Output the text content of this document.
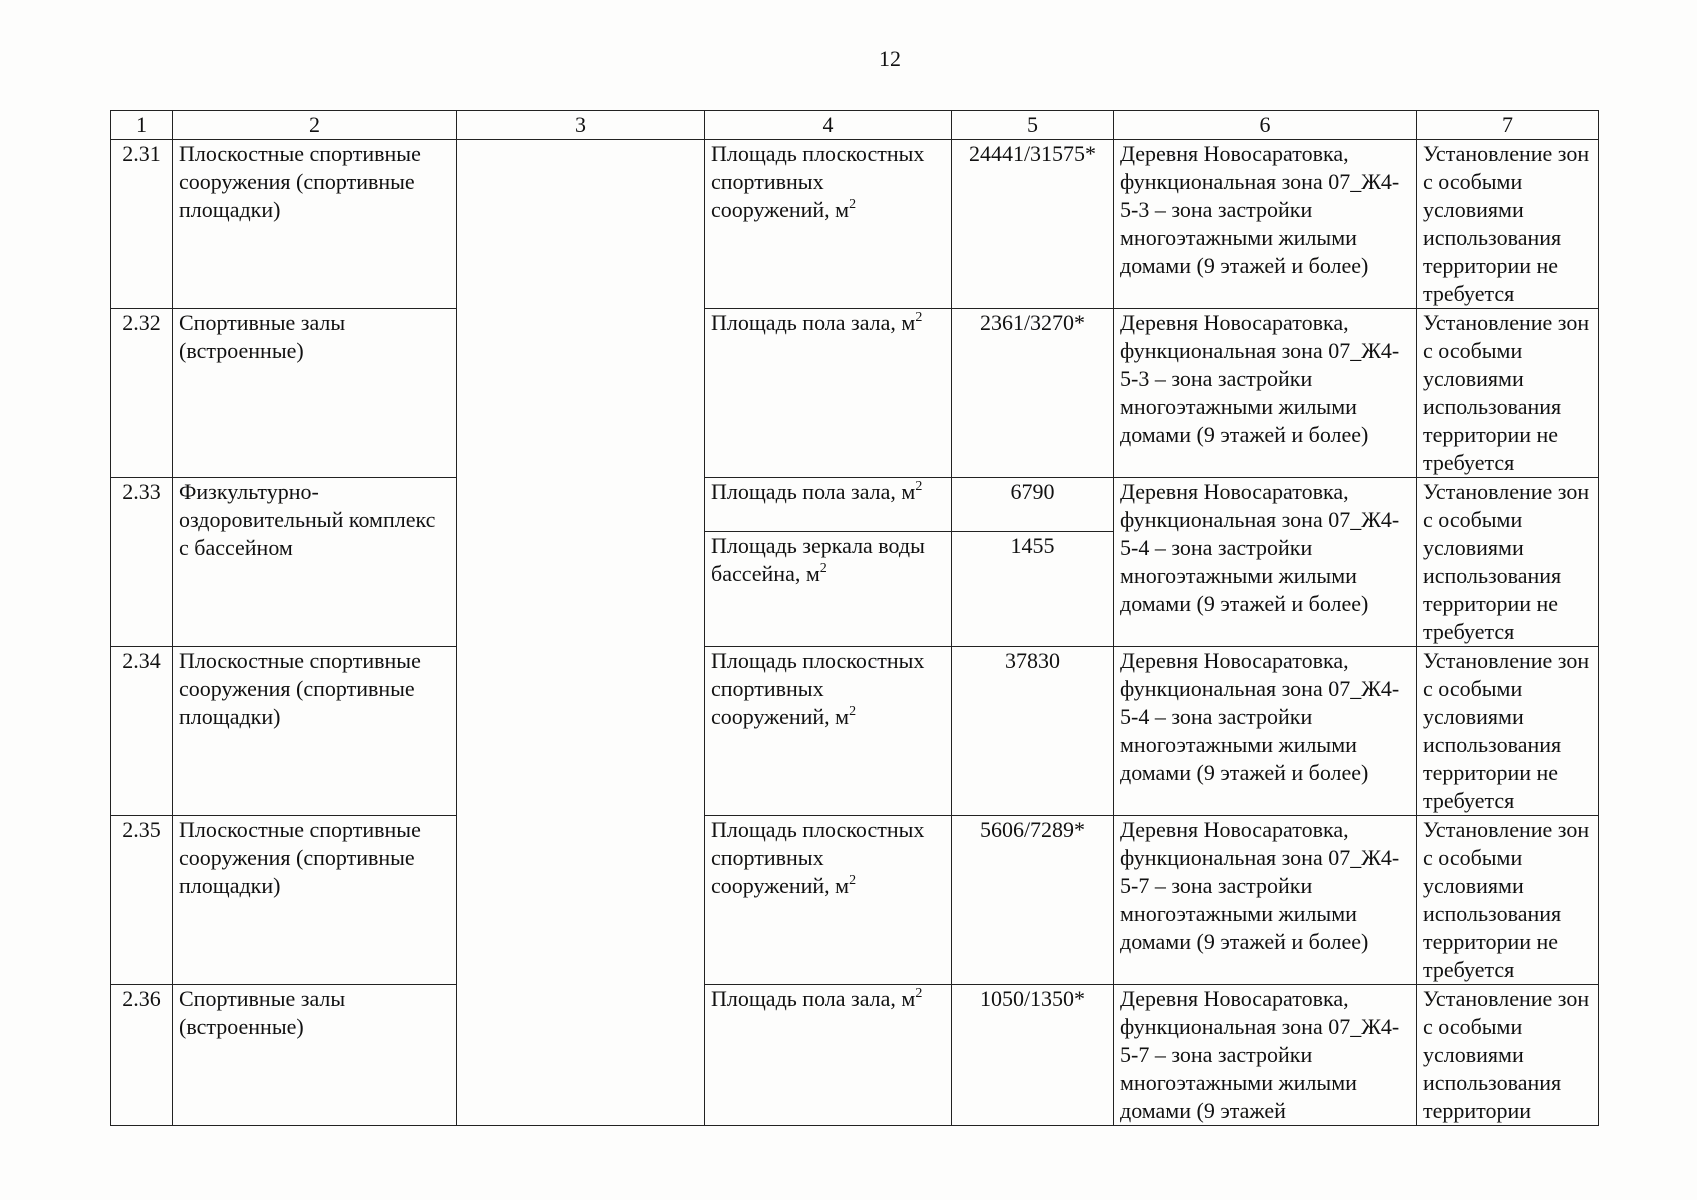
12
1	2	3	4	5	6	7
2.31	Плоскостные спортивные сооружения (спортивные площадки)		Площадь плоскостных спортивных сооружений, $м^2$	24441/31575*	Деревня Новосаратовка, функциональная зона 07_Ж4-5-3 – зона застройки многоэтажными жилыми домами (9 этажей и более)	Установление зон с особыми условиями использования территории не требуется
2.32	Спортивные залы (встроенные)		Площадь пола зала, $м^2$	2361/3270*	Деревня Новосаратовка, функциональная зона 07_Ж4-5-3 – зона застройки многоэтажными жилыми домами (9 этажей и более)	Установление зон с особыми условиями использования территории не требуется
2.33	Физкультурно-оздоровительный комплекс с бассейном		Площадь пола зала, $м^2$	6790	Деревня Новосаратовка, функциональная зона 07_Ж4-5-4 – зона застройки многоэтажными жилыми домами (9 этажей и более)	Установление зон с особыми условиями использования территории не требуется
			Площадь зеркала воды бассейна, $м^2$	1455		
2.34	Плоскостные спортивные сооружения (спортивные площадки)		Площадь плоскостных спортивных сооружений, $м^2$	37830	Деревня Новосаратовка, функциональная зона 07_Ж4-5-4 – зона застройки многоэтажными жилыми домами (9 этажей и более)	Установление зон с особыми условиями использования территории не требуется
2.35	Плоскостные спортивные сооружения (спортивные площадки)		Площадь плоскостных спортивных сооружений, $м^2$	5606/7289*	Деревня Новосаратовка, функциональная зона 07_Ж4-5-7 – зона застройки многоэтажными жилыми домами (9 этажей и более)	Установление зон с особыми условиями использования территории не требуется
2.36	Спортивные залы (встроенные)		Площадь пола зала, $м^2$	1050/1350*	Деревня Новосаратовка, функциональная зона 07_Ж4-5-7 – зона застройки многоэтажными жилыми домами (9 этажей	Установление зон с особыми условиями использования территории
